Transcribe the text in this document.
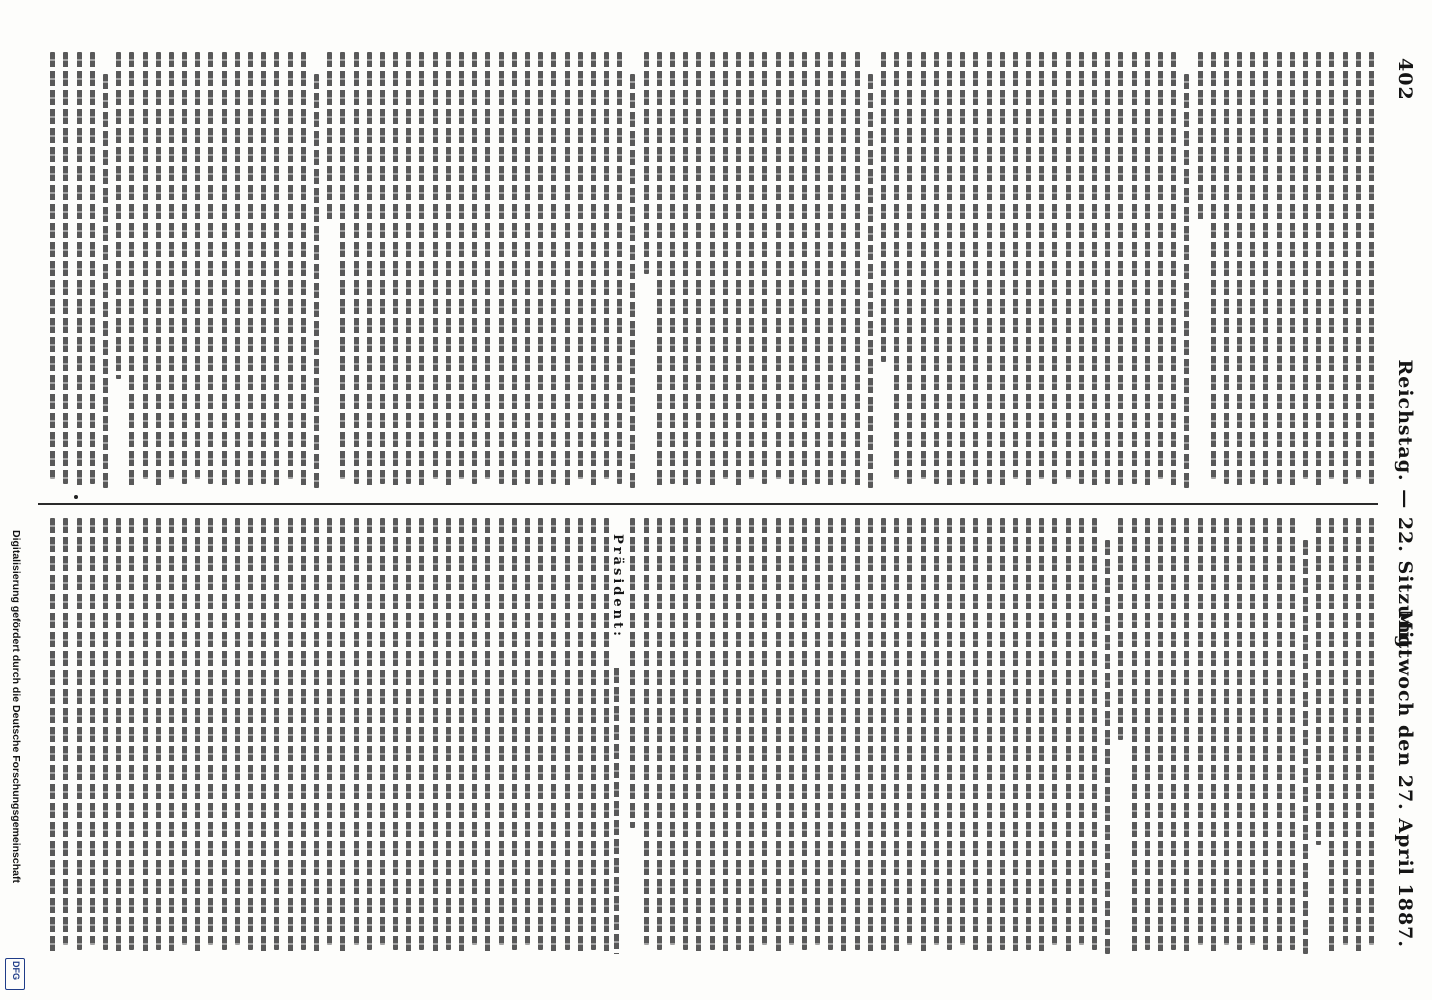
402
Reichstag. — 22. Sitzung.
Mittwoch den 27. April 1887.
Präsident:
Digitalisierung gefördert durch die Deutsche Forschungsgemeinschaft
DFG
